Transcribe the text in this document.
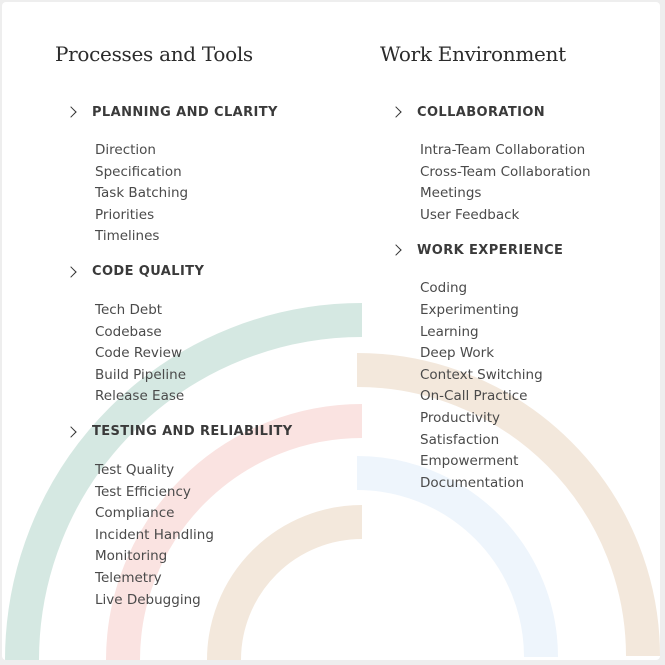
Processes and Tools
PLANNING AND CLARITY
Direction
Specification
Task Batching
Priorities
Timelines
CODE QUALITY
Tech Debt
Codebase
Code Review
Build Pipeline
Release Ease
TESTING AND RELIABILITY
Test Quality
Test Efficiency
Compliance
Incident Handling
Monitoring
Telemetry
Live Debugging
Work Environment
COLLABORATION
Intra-Team Collaboration
Cross-Team Collaboration
Meetings
User Feedback
WORK EXPERIENCE
Coding
Experimenting
Learning
Deep Work
Context Switching
On-Call Practice
Productivity
Satisfaction
Empowerment
Documentation
